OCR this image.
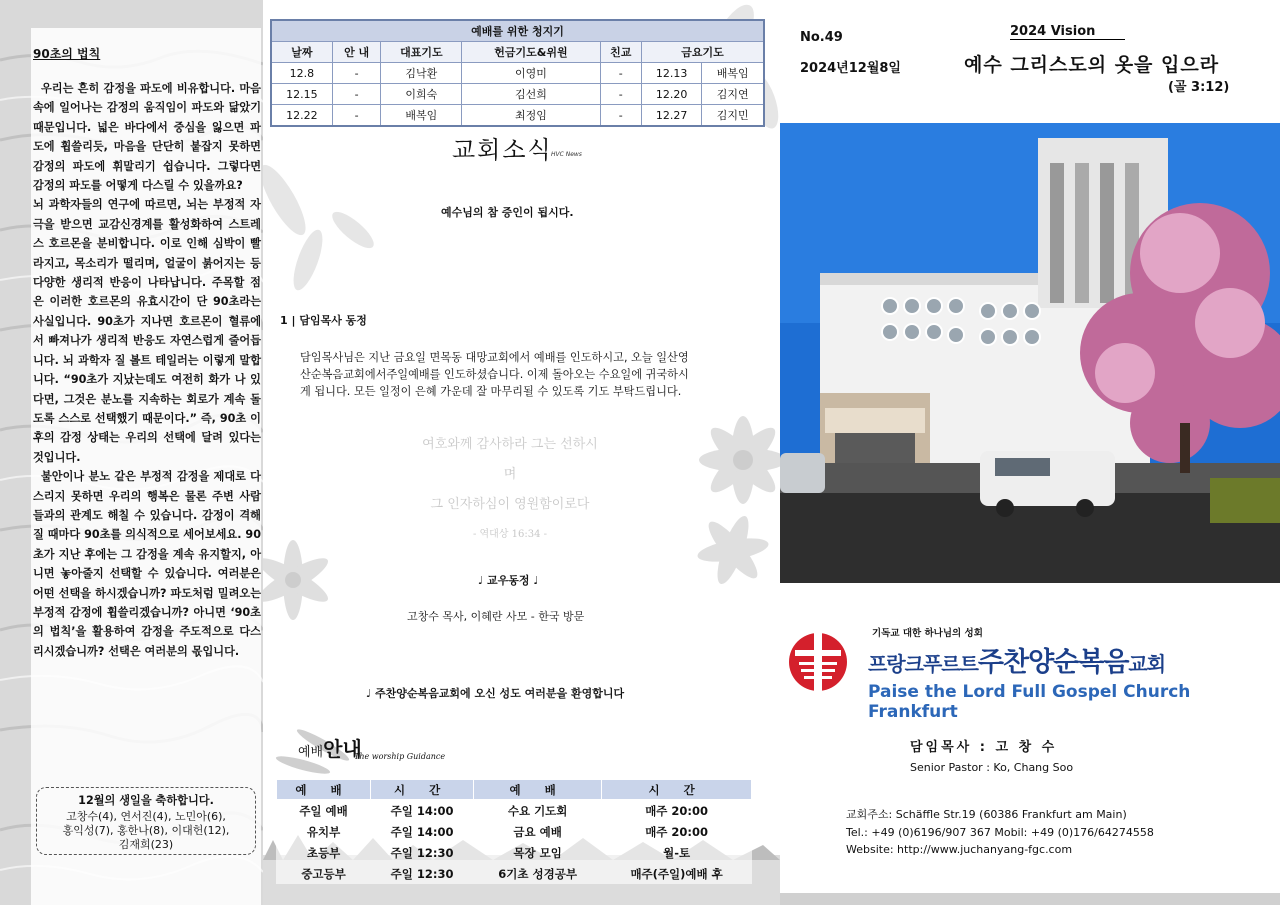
90초의 법칙

우리는 흔히 감정을 파도에 비유합니다. 마음속에 일어나는 감정의 움직임이 파도와 닮았기 때문입니다. 넓은 바다에서 중심을 잃으면 파도에 휩쓸리듯, 마음을 단단히 붙잡지 못하면 감정의 파도에 휘말리기 쉽습니다. 그렇다면 감정의 파도를 어떻게 다스릴 수 있을까요?

뇌 과학자들의 연구에 따르면, 뇌는 부정적 자극을 받으면 교감신경계를 활성화하여 스트레스 호르몬을 분비합니다. 이로 인해 심박이 빨라지고, 목소리가 떨리며, 얼굴이 붉어지는 등 다양한 생리적 반응이 나타납니다. 주목할 점은 이러한 호르몬의 유효시간이 단 90초라는 사실입니다. 90초가 지나면 호르몬이 혈류에서 빠져나가 생리적 반응도 자연스럽게 줄어듭니다. 뇌 과학자 질 볼트 테일러는 이렇게 말합니다. “90초가 지났는데도 여전히 화가 나 있다면, 그것은 분노를 지속하는 회로가 계속 돌도록 스스로 선택했기 때문이다.” 즉, 90초 이후의 감정 상태는 우리의 선택에 달려 있다는 것입니다.

불안이나 분노 같은 부정적 감정을 제대로 다스리지 못하면 우리의 행복은 물론 주변 사람들과의 관계도 해칠 수 있습니다. 감정이 격해질 때마다 90초를 의식적으로 세어보세요. 90초가 지난 후에는 그 감정을 계속 유지할지, 아니면 놓아줄지 선택할 수 있습니다. 여러분은 어떤 선택을 하시겠습니까? 파도처럼 밀려오는 부정적 감정에 휩쓸리겠습니까? 아니면 ‘90초의 법칙’을 활용하여 감정을 주도적으로 다스리시겠습니까? 선택은 여러분의 몫입니다.

12월의 생일을 축하합니다.
고창수(4), 연서진(4), 노민아(6),
홍익성(7), 홍한나(8), 이대헌(12),
김재희(23)
예배를 위한 청지기						
날짜	안 내	대표기도	헌금기도&위원	친교	금요기도	
12.8	-	김낙환	이영미	-	12.13	배복임
12.15	-	이희숙	김선희	-	12.20	김지연
12.22	-	배복임	최정임	-	12.27	김지민
교회소식
HVC News
예수님의 참 증인이 됩시다.
1 | 담임목사 동정
담임목사님은 지난 금요일 면목동 대망교회에서 예배를 인도하시고, 오늘 일산영산순복음교회에서주일예배를 인도하셨습니다. 이제 돌아오는 수요일에 귀국하시게 됩니다. 모든 일정이 은혜 가운데 잘 마무리될 수 있도록 기도 부탁드립니다.
여호와께 감사하라 그는 선하시며
그 인자하심이 영원함이로다
- 역대상 16:34 -
♩ 교우동정 ♩
고창수 목사, 이혜란 사모 - 한국 방문
♩ 주찬양순복음교회에 오신 성도 여러분을 환영합니다
예배안내
The worship Guidance
예 배	시 간	예 배	시 간
주일 예배	주일 14:00	수요 기도회	매주 20:00
유치부	주일 14:00	금요 예배	매주 20:00
초등부	주일 12:30	목장 모임	월-토
중고등부	주일 12:30	6기초 성경공부	매주(주일)예배 후
No.49
2024년12월8일
2024 Vision
예수 그리스도의 옷을 입으라
(골 3:12)
기독교 대한 하나님의 성회
프랑크푸르트주찬양순복음교회
Paise the Lord Full Gospel Church Frankfurt
담임목사 : 고 창 수
Senior Pastor : Ko, Chang Soo
교회주소: Schäffle Str.19 (60386 Frankfurt am Main)
Tel.: +49 (0)6196/907 367 Mobil: +49 (0)176/64274558
Website: http://www.juchanyang-fgc.com
